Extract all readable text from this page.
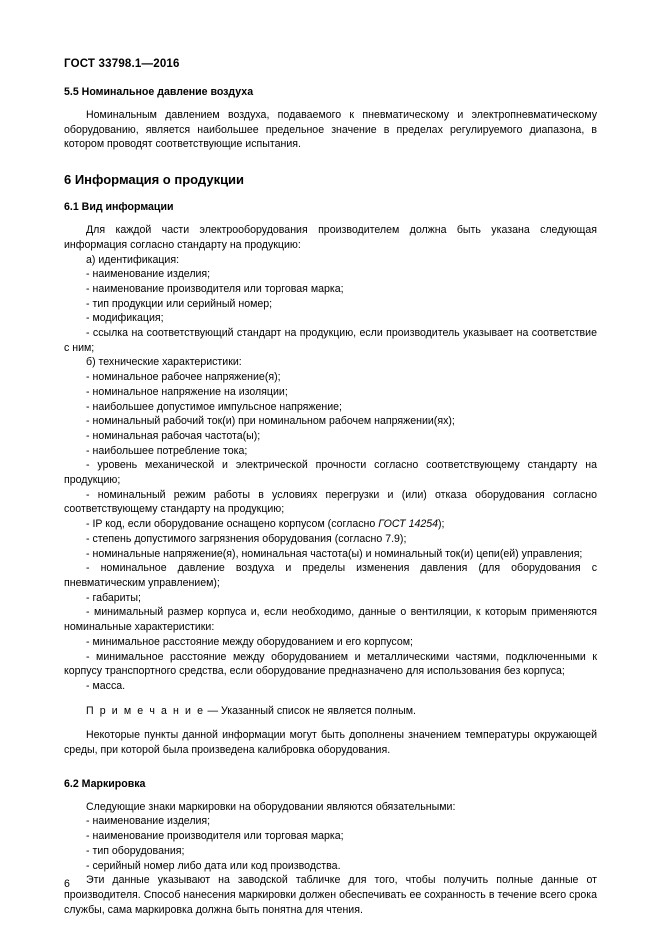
ГОСТ 33798.1—2016
5.5 Номинальное давление воздуха
Номинальным давлением воздуха, подаваемого к пневматическому и электропневматическому оборудованию, является наибольшее предельное значение в пределах регулируемого диапазона, в котором проводят соответствующие испытания.
6 Информация о продукции
6.1 Вид информации
Для каждой части электрооборудования производителем должна быть указана следующая информация согласно стандарту на продукцию:
а) идентификация:
- наименование изделия;
- наименование производителя или торговая марка;
- тип продукции или серийный номер;
- модификация;
- ссылка на соответствующий стандарт на продукцию, если производитель указывает на соответствие с ним;
б) технические характеристики:
- номинальное рабочее напряжение(я);
- номинальное напряжение на изоляции;
- наибольшее допустимое импульсное напряжение;
- номинальный рабочий ток(и) при номинальном рабочем напряжении(ях);
- номинальная рабочая частота(ы);
- наибольшее потребление тока;
- уровень механической и электрической прочности согласно соответствующему стандарту на продукцию;
- номинальный режим работы в условиях перегрузки и (или) отказа оборудования согласно соответствующему стандарту на продукцию;
- IP код, если оборудование оснащено корпусом (согласно ГОСТ 14254);
- степень допустимого загрязнения оборудования (согласно 7.9);
- номинальные напряжение(я), номинальная частота(ы) и номинальный ток(и) цепи(ей) управления;
- номинальное давление воздуха и пределы изменения давления (для оборудования с пневматическим управлением);
- габариты;
- минимальный размер корпуса и, если необходимо, данные о вентиляции, к которым применяются номинальные характеристики:
- минимальное расстояние между оборудованием и его корпусом;
- минимальное расстояние между оборудованием и металлическими частями, подключенными к корпусу транспортного средства, если оборудование предназначено для использования без корпуса;
- масса.
П р и м е ч а н и е — Указанный список не является полным.
Некоторые пункты данной информации могут быть дополнены значением температуры окружающей среды, при которой была произведена калибровка оборудования.
6.2 Маркировка
Следующие знаки маркировки на оборудовании являются обязательными:
- наименование изделия;
- наименование производителя или торговая марка;
- тип оборудования;
- серийный номер либо дата или код производства.
Эти данные указывают на заводской табличке для того, чтобы получить полные данные от производителя. Способ нанесения маркировки должен обеспечивать ее сохранность в течение всего срока службы, сама маркировка должна быть понятна для чтения.
6
